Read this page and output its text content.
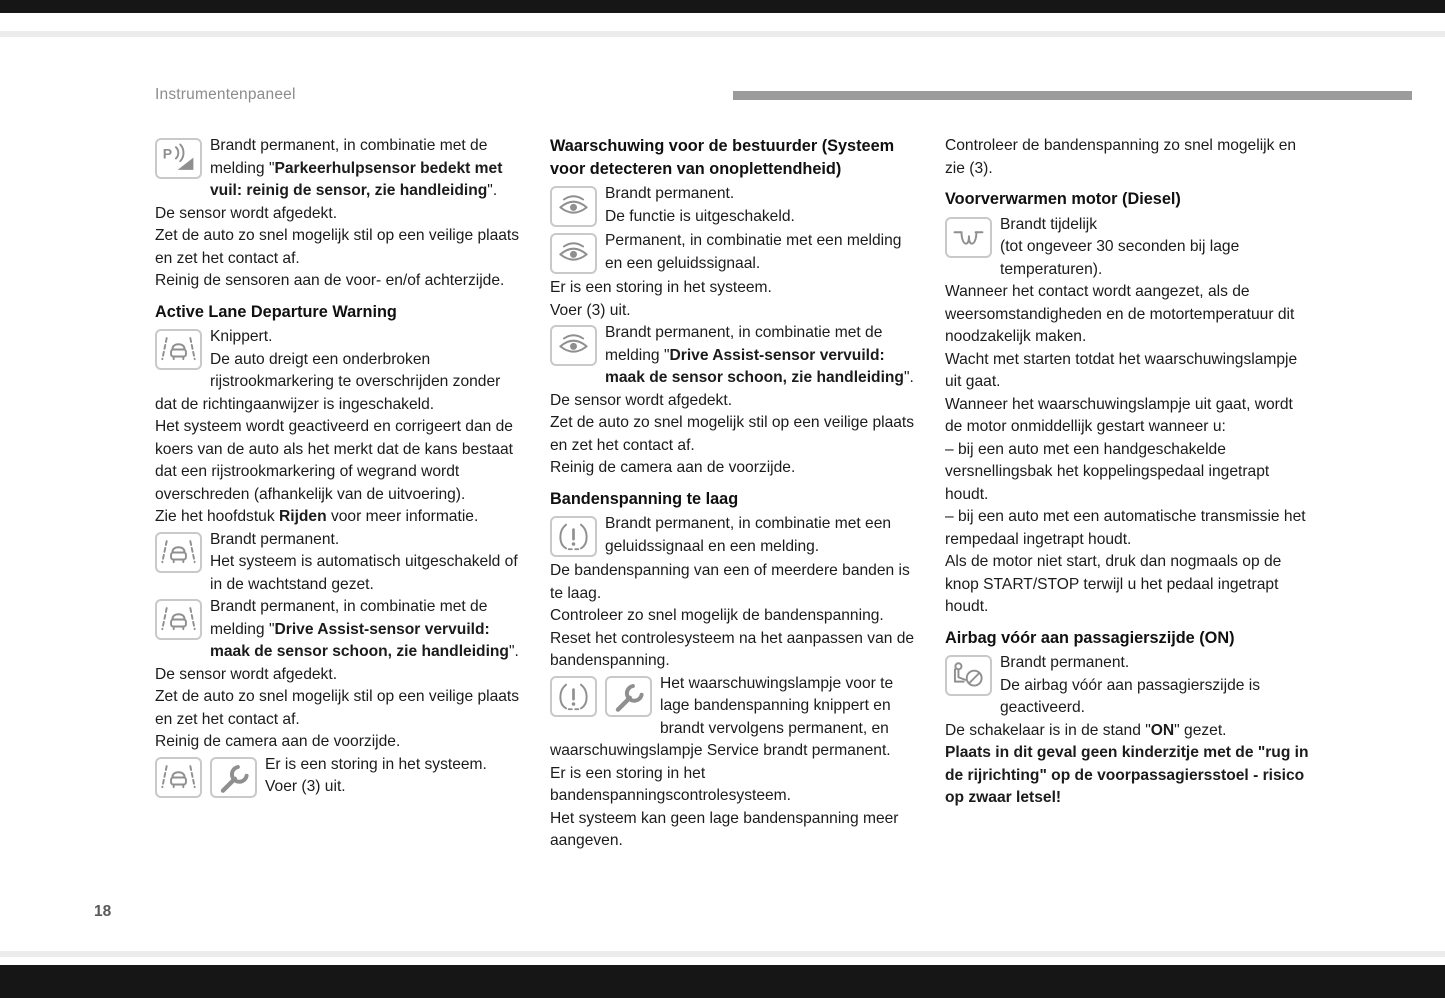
Instrumentenpaneel

P Brandt permanent, in combinatie met de melding "Parkeerhulpsensor bedekt met vuil: reinig de sensor, zie handleiding".

De sensor wordt afgedekt.

Zet de auto zo snel mogelijk stil op een veilige plaats en zet het contact af.

Reinig de sensoren aan de voor- en/of achterzijde.

Active Lane Departure Warning

Knippert.
De auto dreigt een onderbroken rijstrookmarkering te overschrijden zonder dat de richtingaanwijzer is ingeschakeld.

Het systeem wordt geactiveerd en corrigeert dan de koers van de auto als het merkt dat de kans bestaat dat een rijstrookmarkering of wegrand wordt overschreden (afhankelijk van de uitvoering).

Zie het hoofdstuk Rijden voor meer informatie.

Brandt permanent.
Het systeem is automatisch uitgeschakeld of in de wachtstand gezet.

Brandt permanent, in combinatie met de melding "Drive Assist-sensor vervuild: maak de sensor schoon, zie handleiding".

De sensor wordt afgedekt.

Zet de auto zo snel mogelijk stil op een veilige plaats en zet het contact af.

Reinig de camera aan de voorzijde.

Er is een storing in het systeem.
Voer (3) uit.

Waarschuwing voor de bestuurder (Systeem voor detecteren van onoplettendheid)

Brandt permanent.
De functie is uitgeschakeld.

Permanent, in combinatie met een melding en een geluidssignaal.

Er is een storing in het systeem.

Voer (3) uit.

Brandt permanent, in combinatie met de melding "Drive Assist-sensor vervuild: maak de sensor schoon, zie handleiding".

De sensor wordt afgedekt.

Zet de auto zo snel mogelijk stil op een veilige plaats en zet het contact af.

Reinig de camera aan de voorzijde.

Bandenspanning te laag

Brandt permanent, in combinatie met een geluidssignaal en een melding.

De bandenspanning van een of meerdere banden is te laag.

Controleer zo snel mogelijk de bandenspanning.

Reset het controlesysteem na het aanpassen van de bandenspanning.

Het waarschuwingslampje voor te lage bandenspanning knippert en brandt vervolgens permanent, en waarschuwingslampje Service brandt permanent.

Er is een storing in het bandenspanningscontrolesysteem.

Het systeem kan geen lage bandenspanning meer aangeven.

Controleer de bandenspanning zo snel mogelijk en zie (3).

Voorverwarmen motor (Diesel)

Brandt tijdelijk
(tot ongeveer 30 seconden bij lage temperaturen).

Wanneer het contact wordt aangezet, als de weersomstandigheden en de motortemperatuur dit noodzakelijk maken.

Wacht met starten totdat het waarschuwingslampje uit gaat.

Wanneer het waarschuwingslampje uit gaat, wordt de motor onmiddellijk gestart wanneer u:

– bij een auto met een handgeschakelde versnellingsbak het koppelingspedaal ingetrapt houdt.

– bij een auto met een automatische transmissie het rempedaal ingetrapt houdt.

Als de motor niet start, druk dan nogmaals op de knop START/STOP terwijl u het pedaal ingetrapt houdt.

Airbag vóór aan passagierszijde (ON)

Brandt permanent.
De airbag vóór aan passagierszijde is geactiveerd.

De schakelaar is in de stand "ON" gezet.

Plaats in dit geval geen kinderzitje met de "rug in de rijrichting" op de voorpassagiersstoel - risico op zwaar letsel!

18
